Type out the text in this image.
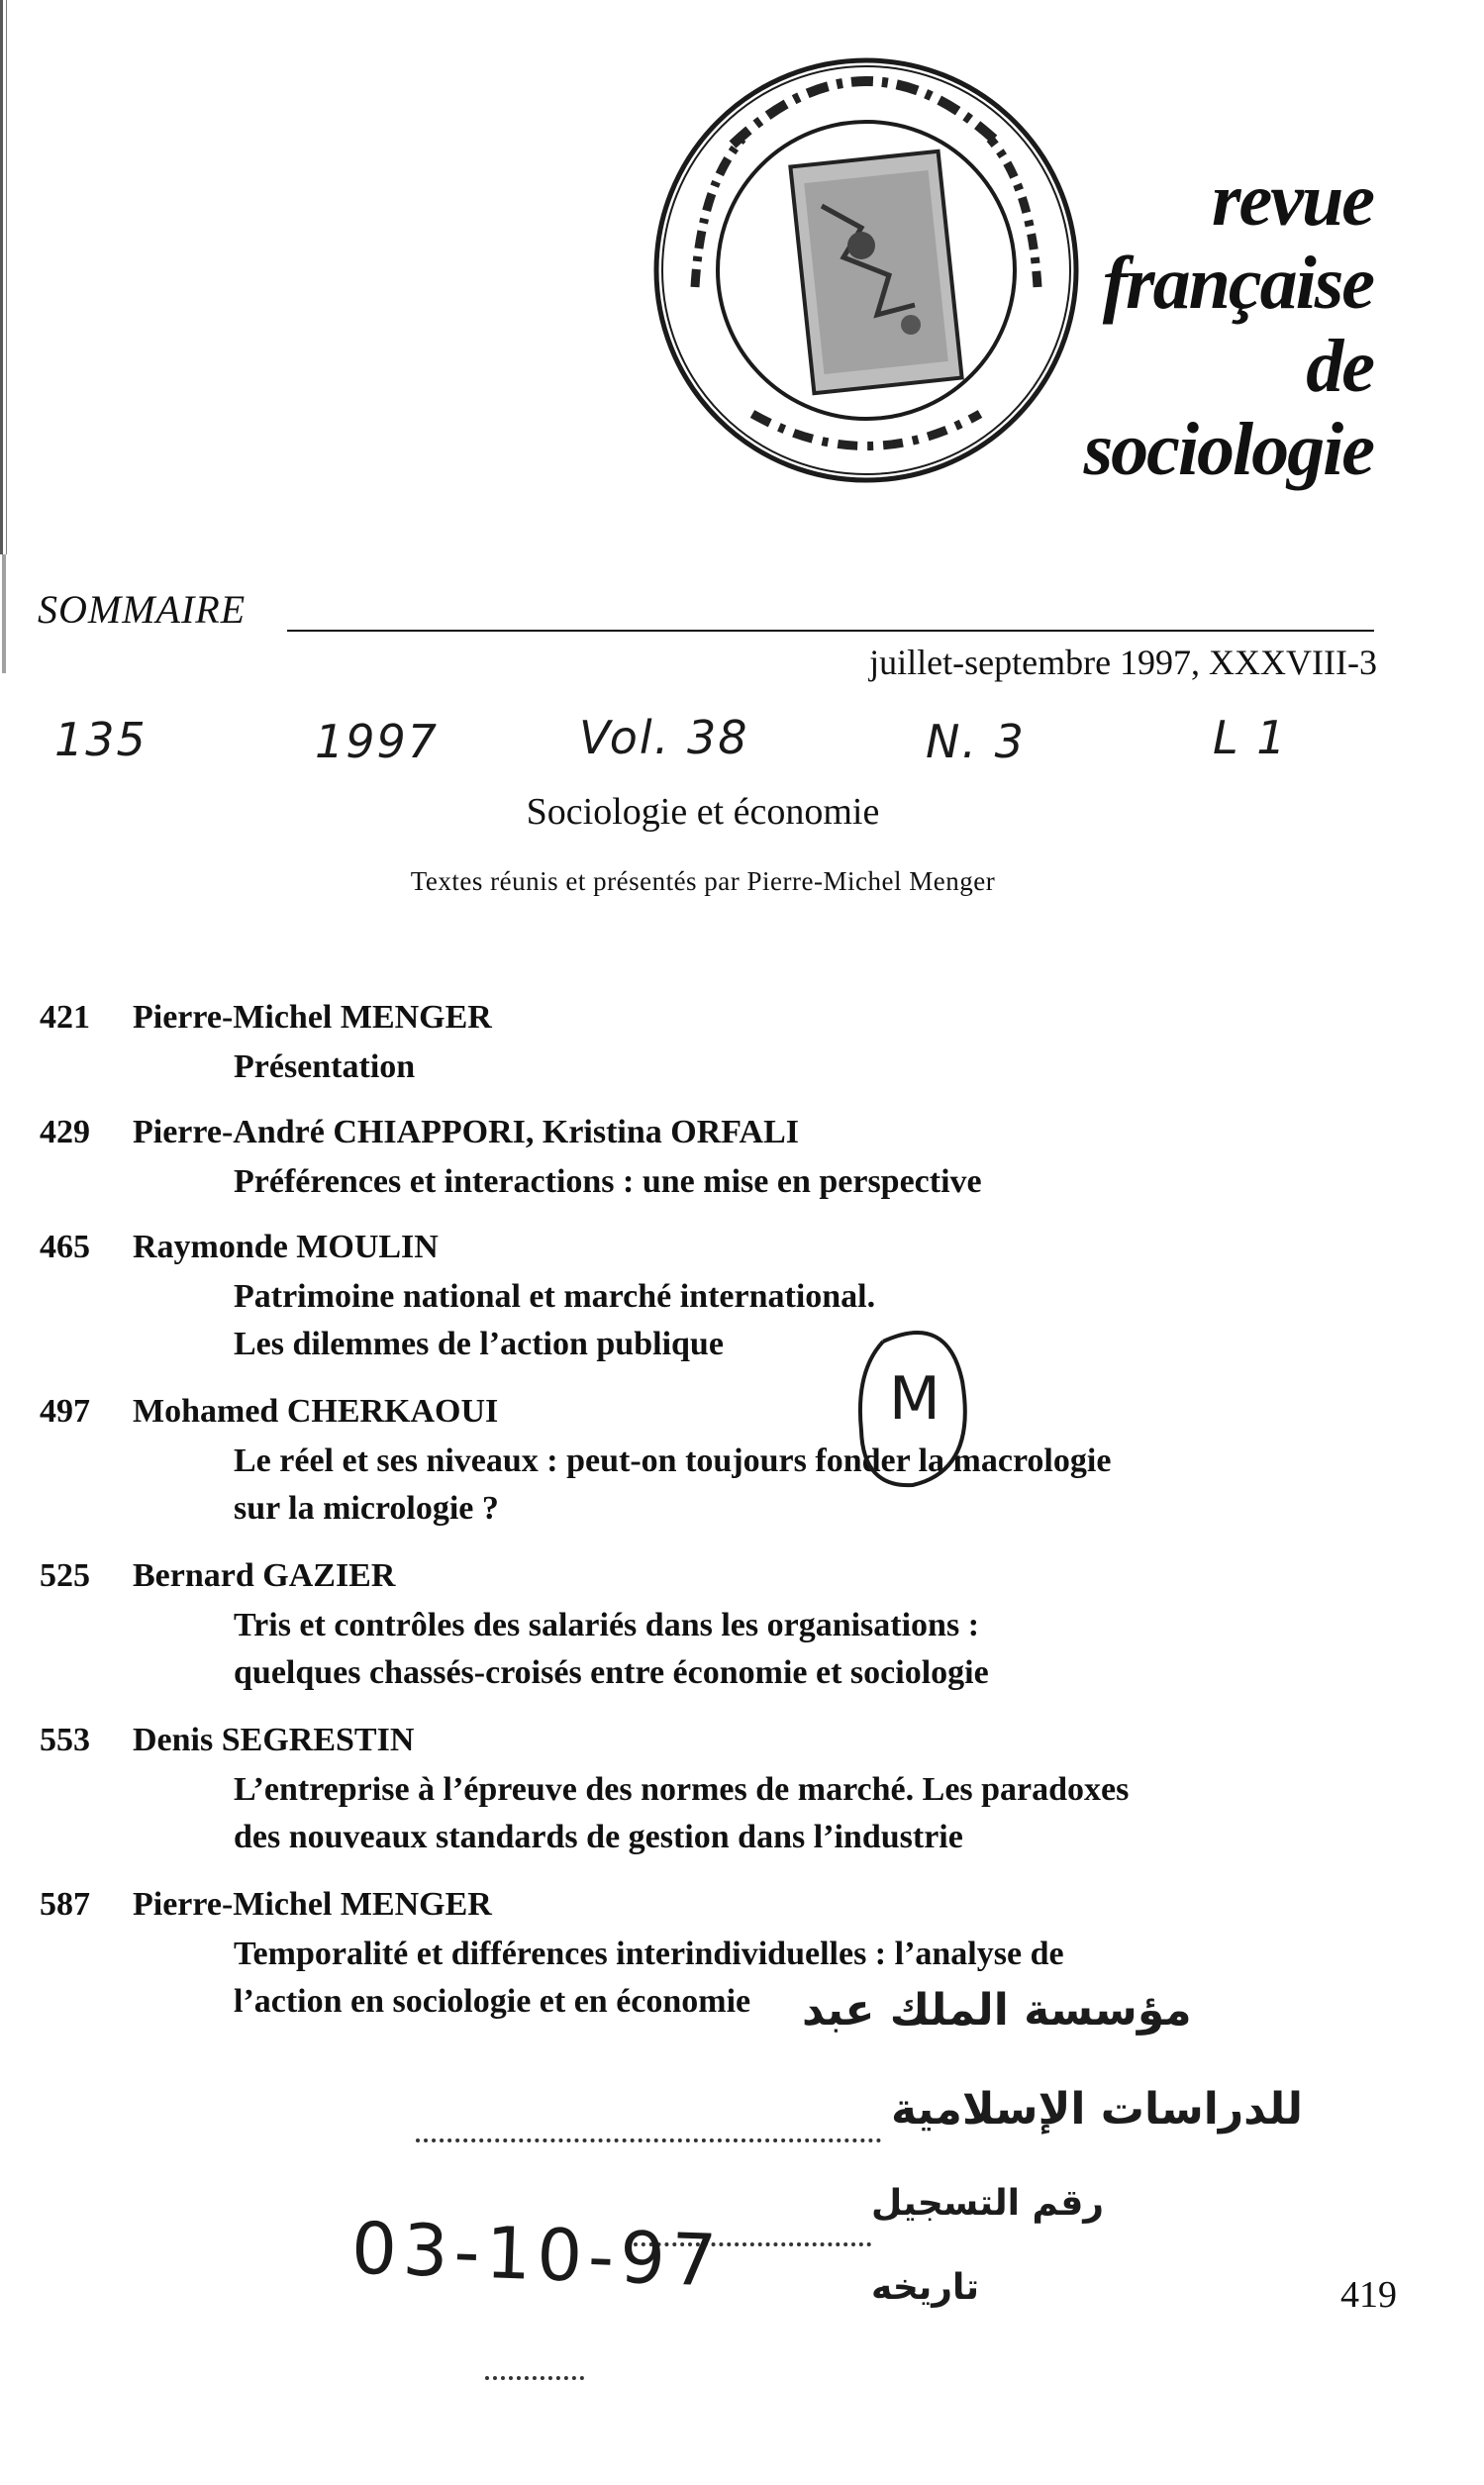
revue
française
de
sociologie
SOMMAIRE
juillet-septembre 1997, XXXVIII-3
135	1997	Vol. 38	N. 3	L 1
Sociologie et économie
Textes réunis et présentés par Pierre-Michel Menger
421	Pierre-Michel MENGER
Présentation
429	Pierre-André CHIAPPORI, Kristina ORFALI
Préférences et interactions : une mise en perspective
465	Raymonde MOULIN
Patrimoine national et marché international.
Les dilemmes de l’action publique
497	Mohamed CHERKAOUI
Le réel et ses niveaux : peut-on toujours fonder la macrologie
sur la micrologie ?
525	Bernard GAZIER
Tris et contrôles des salariés dans les organisations :
quelques chassés-croisés entre économie et sociologie
553	Denis SEGRESTIN
L’entreprise à l’épreuve des normes de marché. Les paradoxes
des nouveaux standards de gestion dans l’industrie
587	Pierre-Michel MENGER
Temporalité et différences interindividuelles : l’analyse de
l’action en sociologie et en économie
M
مؤسسة الملك عبد
للدراسات الإسلامية
رقم التسجيل
تاريخه
03-10-97	419
